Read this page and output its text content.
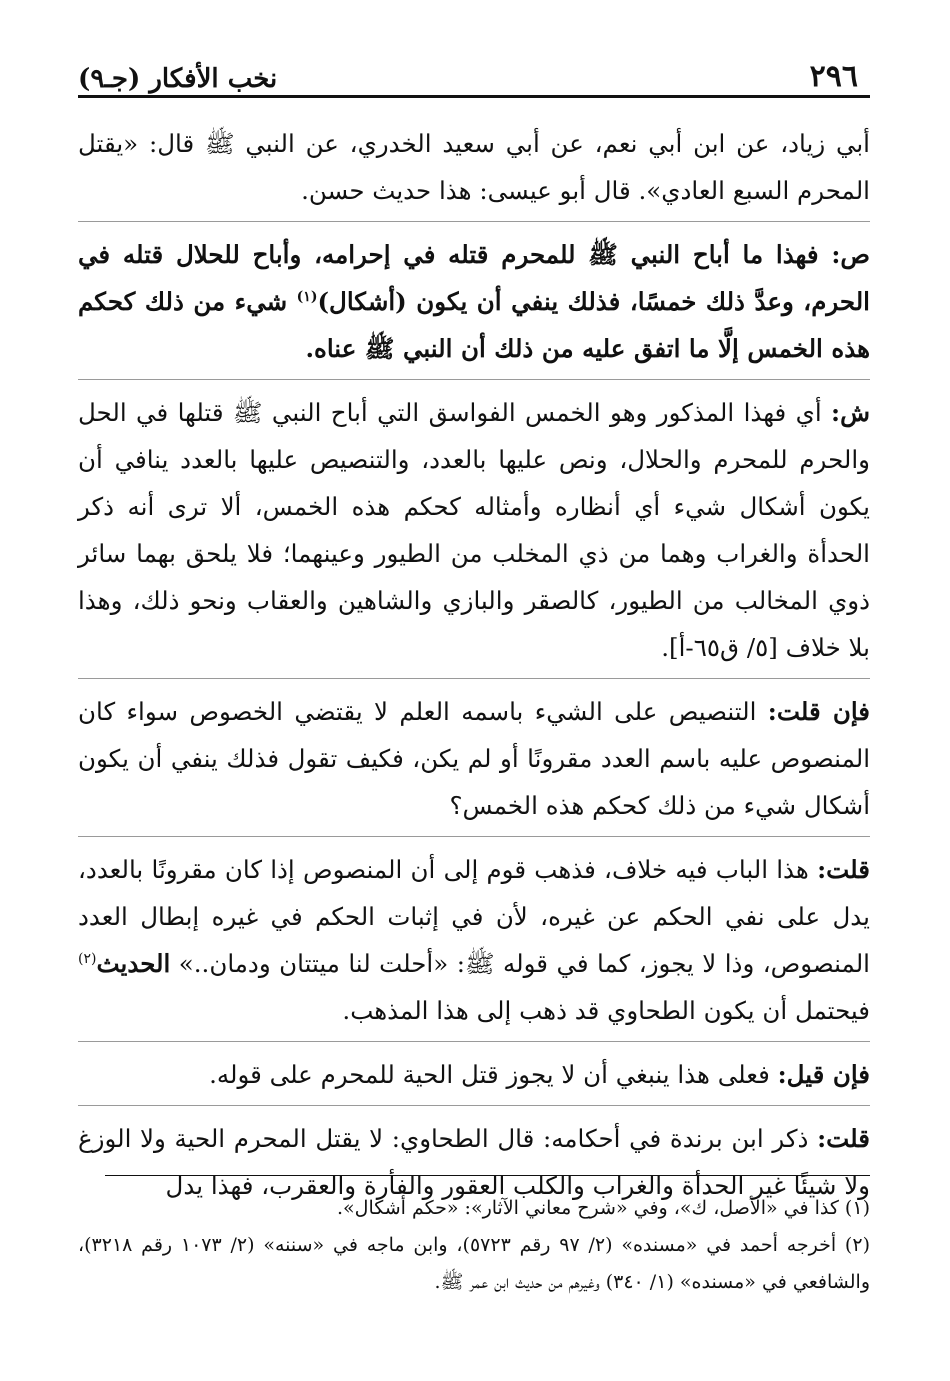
٢٩٦
نخب الأفكار (جـ٩)

أبي زياد، عن ابن أبي نعم، عن أبي سعيد الخدري، عن النبي ﷺ قال: «يقتل المحرم السبع العادي». قال أبو عيسى: هذا حديث حسن.

ص: فهذا ما أباح النبي ﷺ للمحرم قتله في إحرامه، وأباح للحلال قتله في الحرم، وعدَّ ذلك خمسًا، فذلك ينفي أن يكون (أشكال)$^{(١)}$ شيء من ذلك كحكم هذه الخمس إلَّا ما اتفق عليه من ذلك أن النبي ﷺ عناه.

ش: أي فهذا المذكور وهو الخمس الفواسق التي أباح النبي ﷺ قتلها في الحل والحرم للمحرم والحلال، ونص عليها بالعدد، والتنصيص عليها بالعدد ينافي أن يكون أشكال شيء أي أنظاره وأمثاله كحكم هذه الخمس، ألا ترى أنه ذكر الحدأة والغراب وهما من ذي المخلب من الطيور وعينهما؛ فلا يلحق بهما سائر ذوي المخالب من الطيور، كالصقر والبازي والشاهين والعقاب ونحو ذلك، وهذا بلا خلاف [٥/ ق٦٥-أ].

فإن قلت: التنصيص على الشيء باسمه العلم لا يقتضي الخصوص سواء كان المنصوص عليه باسم العدد مقرونًا أو لم يكن، فكيف تقول فذلك ينفي أن يكون أشكال شيء من ذلك كحكم هذه الخمس؟

قلت: هذا الباب فيه خلاف، فذهب قوم إلى أن المنصوص إذا كان مقرونًا بالعدد، يدل على نفي الحكم عن غيره، لأن في إثبات الحكم في غيره إبطال العدد المنصوص، وذا لا يجوز، كما في قوله ﷺ: «أحلت لنا ميتتان ودمان..» الحديث$^{(٢)}$ فيحتمل أن يكون الطحاوي قد ذهب إلى هذا المذهب.

فإن قيل: فعلى هذا ينبغي أن لا يجوز قتل الحية للمحرم على قوله.

قلت: ذكر ابن برندة في أحكامه: قال الطحاوي: لا يقتل المحرم الحية ولا الوزغ ولا شيئًا غير الحدأة والغراب والكلب العقور والفأرة والعقرب، فهذا يدل

(١) كذا في «الأصل، ك»، وفي «شرح معاني الآثار»: «حكم أشكال».

(٢) أخرجه أحمد في «مسنده» (٢/ ٩٧ رقم ٥٧٢٣)، وابن ماجه في «سننه» (٢/ ١٠٧٣ رقم ٣٢١٨)، والشافعي في «مسنده» (١/ ٣٤٠) وغيرهم من حديث ابن عمر ﷺ.
